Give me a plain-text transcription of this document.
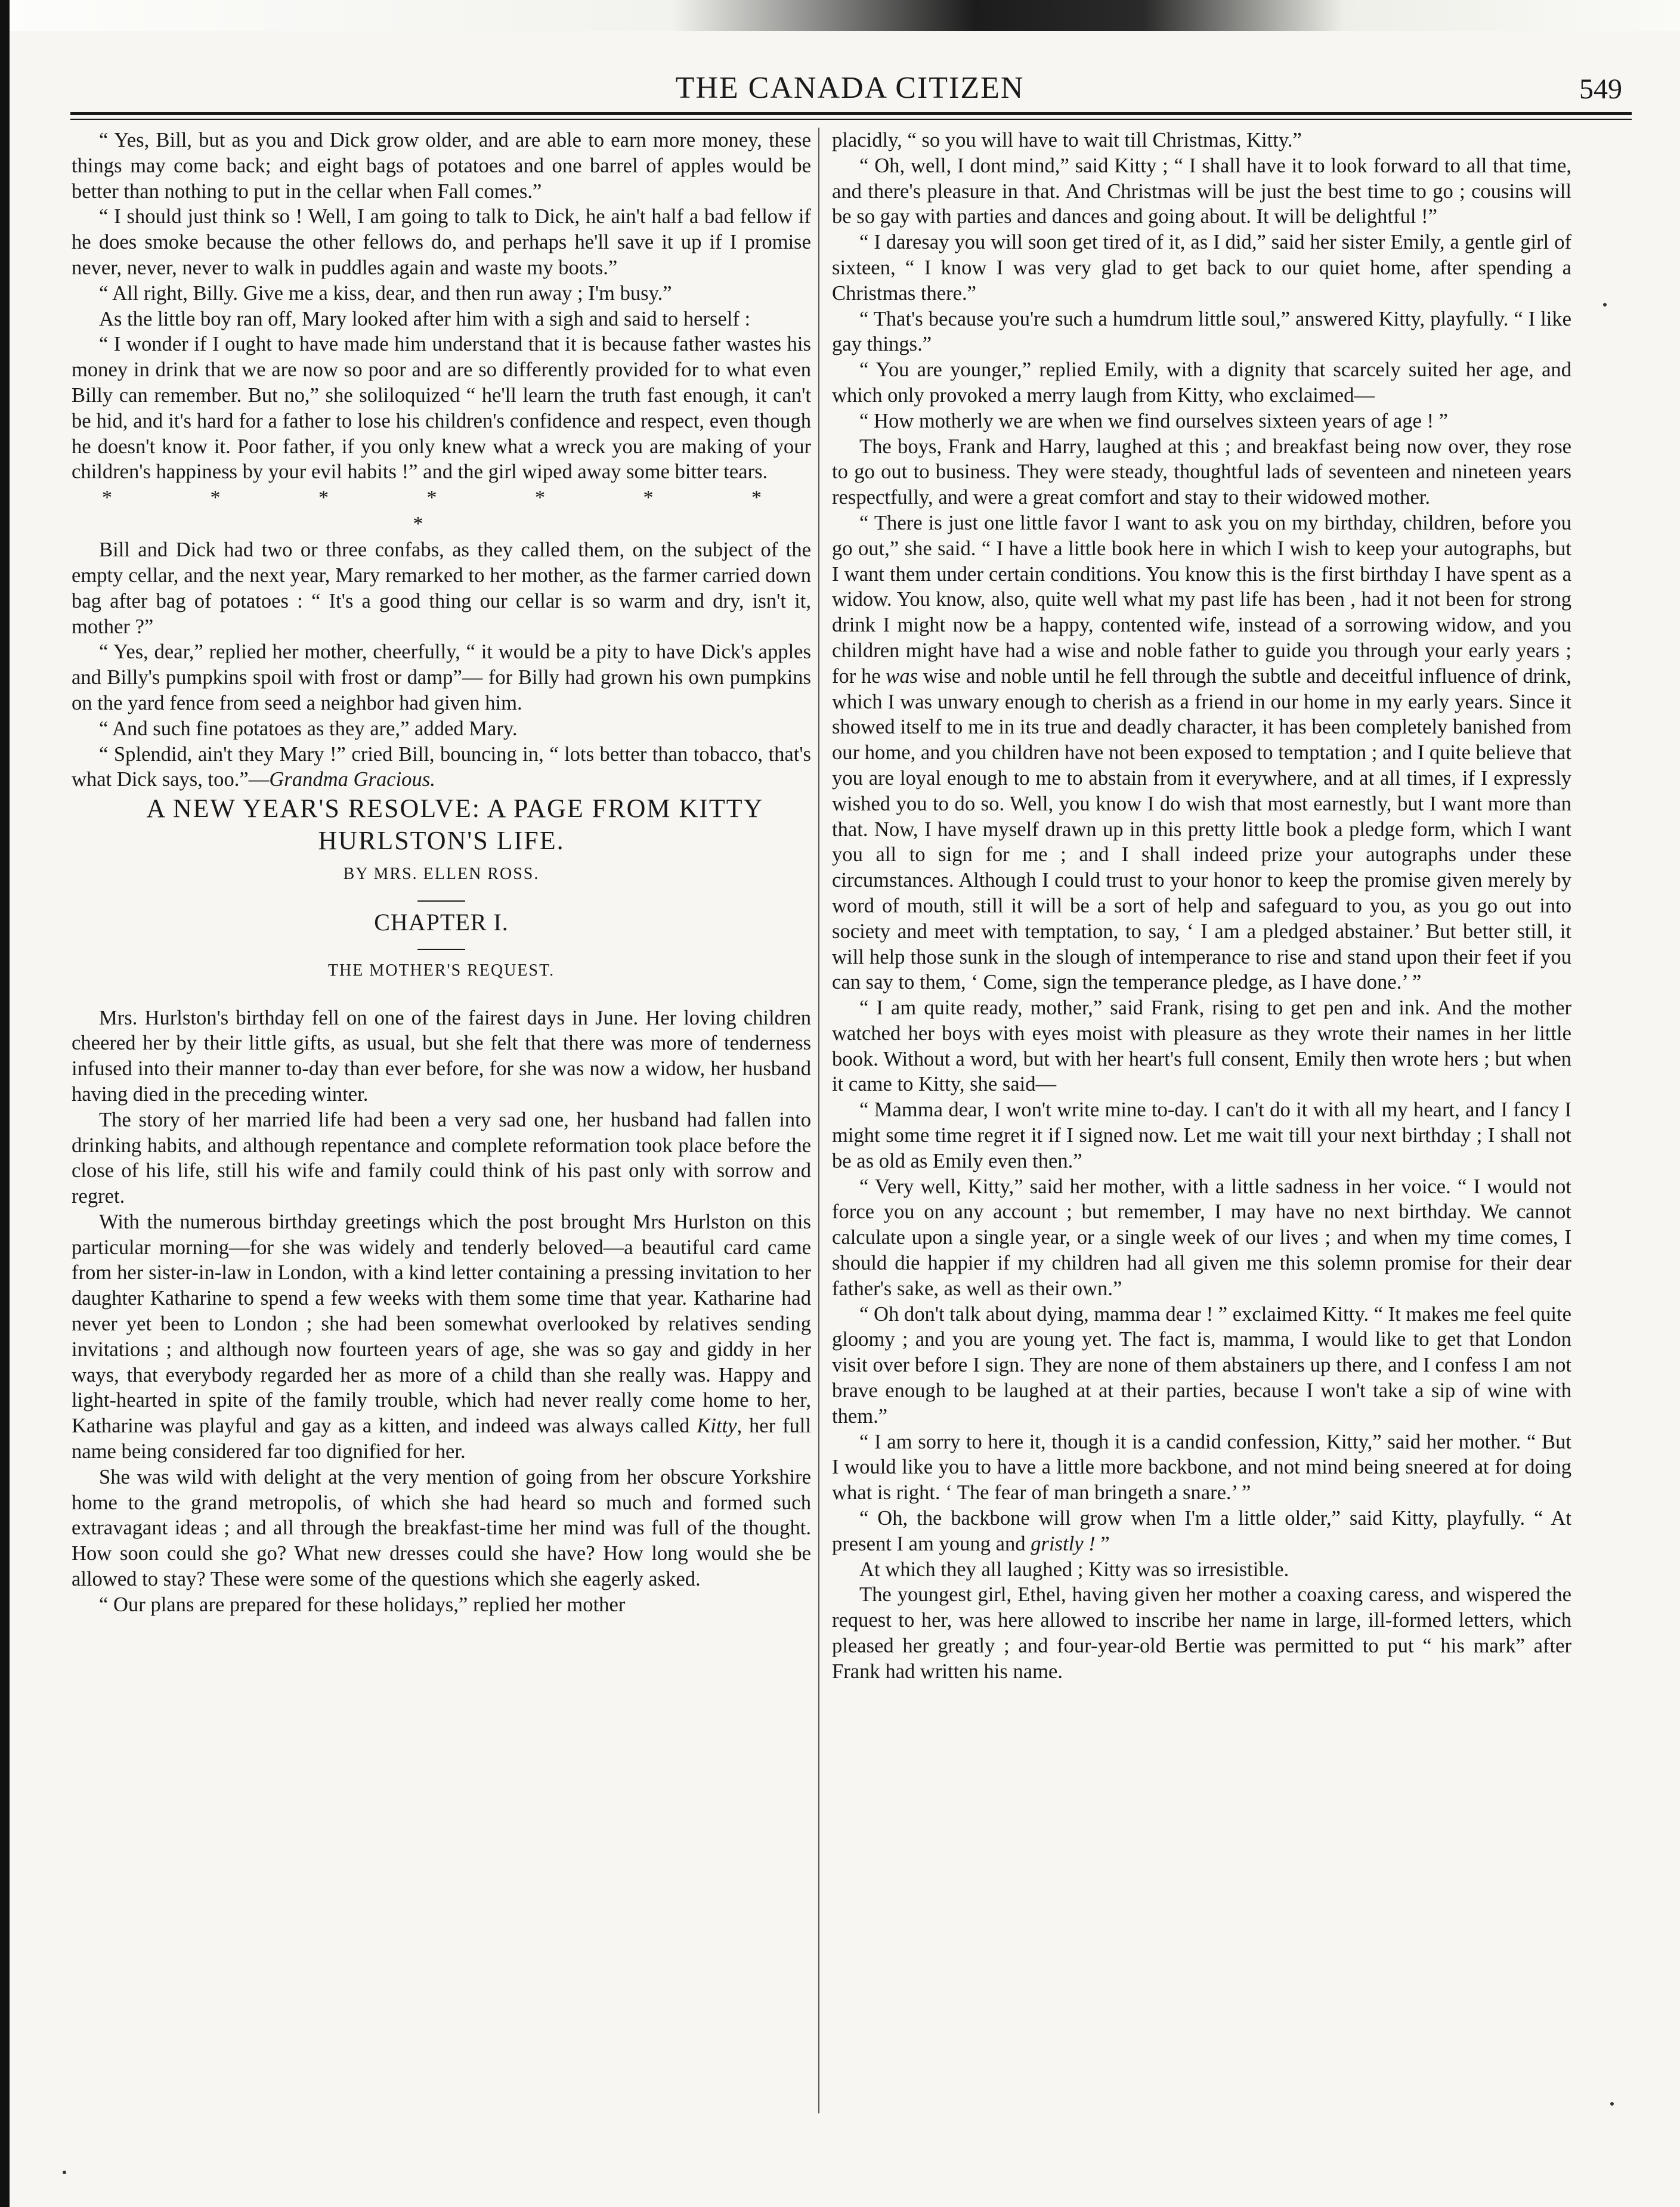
THE CANADA CITIZEN	549

“ Yes, Bill, but as you and Dick grow older, and are able to earn more money, these things may come back; and eight bags of potatoes and one barrel of apples would be better than nothing to put in the cellar when Fall comes.”

“ I should just think so ! Well, I am going to talk to Dick, he ain't half a bad fellow if he does smoke because the other fellows do, and perhaps he'll save it up if I promise never, never, never to walk in puddles again and waste my boots.”

“ All right, Billy. Give me a kiss, dear, and then run away ; I'm busy.”

As the little boy ran off, Mary looked after him with a sigh and said to herself :

“ I wonder if I ought to have made him understand that it is because father wastes his money in drink that we are now so poor and are so differently provided for to what even Billy can remember. But no,” she soliloquized “ he'll learn the truth fast enough, it can't be hid, and it's hard for a father to lose his children's confidence and respect, even though he doesn't know it. Poor father, if you only knew what a wreck you are making of your children's happiness by your evil habits !” and the girl wiped away some bitter tears.

* * * * * * * *

Bill and Dick had two or three confabs, as they called them, on the subject of the empty cellar, and the next year, Mary remarked to her mother, as the farmer carried down bag after bag of potatoes : “ It's a good thing our cellar is so warm and dry, isn't it, mother ?”

“ Yes, dear,” replied her mother, cheerfully, “ it would be a pity to have Dick's apples and Billy's pumpkins spoil with frost or damp”— for Billy had grown his own pumpkins on the yard fence from seed a neighbor had given him.

“ And such fine potatoes as they are,” added Mary.

“ Splendid, ain't they Mary !” cried Bill, bouncing in, “ lots better than tobacco, that's what Dick says, too.”—Grandma Gracious.

A NEW YEAR'S RESOLVE: A PAGE FROM KITTY HURLSTON'S LIFE.

BY MRS. ELLEN ROSS.
CHAPTER I.
THE MOTHER'S REQUEST.

Mrs. Hurlston's birthday fell on one of the fairest days in June. Her loving children cheered her by their little gifts, as usual, but she felt that there was more of tenderness infused into their manner to-day than ever before, for she was now a widow, her husband having died in the preceding winter.

The story of her married life had been a very sad one, her husband had fallen into drinking habits, and although repentance and complete reformation took place before the close of his life, still his wife and family could think of his past only with sorrow and regret.

With the numerous birthday greetings which the post brought Mrs Hurlston on this particular morning—for she was widely and tenderly beloved—a beautiful card came from her sister-in-law in London, with a kind letter containing a pressing invitation to her daughter Katharine to spend a few weeks with them some time that year. Katharine had never yet been to London ; she had been somewhat overlooked by relatives sending invitations ; and although now fourteen years of age, she was so gay and giddy in her ways, that everybody regarded her as more of a child than she really was. Happy and light-hearted in spite of the family trouble, which had never really come home to her, Katharine was playful and gay as a kitten, and indeed was always called Kitty, her full name being considered far too dignified for her.

She was wild with delight at the very mention of going from her obscure Yorkshire home to the grand metropolis, of which she had heard so much and formed such extravagant ideas ; and all through the breakfast-time her mind was full of the thought. How soon could she go? What new dresses could she have? How long would she be allowed to stay? These were some of the questions which she eagerly asked.

“ Our plans are prepared for these holidays,” replied her mother

placidly, “ so you will have to wait till Christmas, Kitty.”

“ Oh, well, I dont mind,” said Kitty ; “ I shall have it to look forward to all that time, and there's pleasure in that. And Christmas will be just the best time to go ; cousins will be so gay with parties and dances and going about. It will be delightful !”

“ I daresay you will soon get tired of it, as I did,” said her sister Emily, a gentle girl of sixteen, “ I know I was very glad to get back to our quiet home, after spending a Christmas there.”

“ That's because you're such a humdrum little soul,” answered Kitty, playfully. “ I like gay things.”

“ You are younger,” replied Emily, with a dignity that scarcely suited her age, and which only provoked a merry laugh from Kitty, who exclaimed—

“ How motherly we are when we find ourselves sixteen years of age ! ”

The boys, Frank and Harry, laughed at this ; and breakfast being now over, they rose to go out to business. They were steady, thoughtful lads of seventeen and nineteen years respectfully, and were a great comfort and stay to their widowed mother.

“ There is just one little favor I want to ask you on my birthday, children, before you go out,” she said. “ I have a little book here in which I wish to keep your autographs, but I want them under certain conditions. You know this is the first birthday I have spent as a widow. You know, also, quite well what my past life has been , had it not been for strong drink I might now be a happy, contented wife, instead of a sorrowing widow, and you children might have had a wise and noble father to guide you through your early years ; for he was wise and noble until he fell through the subtle and deceitful influence of drink, which I was unwary enough to cherish as a friend in our home in my early years. Since it showed itself to me in its true and deadly character, it has been completely banished from our home, and you children have not been exposed to temptation ; and I quite believe that you are loyal enough to me to abstain from it everywhere, and at all times, if I expressly wished you to do so. Well, you know I do wish that most earnestly, but I want more than that. Now, I have myself drawn up in this pretty little book a pledge form, which I want you all to sign for me ; and I shall indeed prize your autographs under these circumstances. Although I could trust to your honor to keep the promise given merely by word of mouth, still it will be a sort of help and safeguard to you, as you go out into society and meet with temptation, to say, ‘ I am a pledged abstainer.’ But better still, it will help those sunk in the slough of intemperance to rise and stand upon their feet if you can say to them, ‘ Come, sign the temperance pledge, as I have done.’ ”

“ I am quite ready, mother,” said Frank, rising to get pen and ink. And the mother watched her boys with eyes moist with pleasure as they wrote their names in her little book. Without a word, but with her heart's full consent, Emily then wrote hers ; but when it came to Kitty, she said—

“ Mamma dear, I won't write mine to-day. I can't do it with all my heart, and I fancy I might some time regret it if I signed now. Let me wait till your next birthday ; I shall not be as old as Emily even then.”

“ Very well, Kitty,” said her mother, with a little sadness in her voice. “ I would not force you on any account ; but remember, I may have no next birthday. We cannot calculate upon a single year, or a single week of our lives ; and when my time comes, I should die happier if my children had all given me this solemn promise for their dear father's sake, as well as their own.”

“ Oh don't talk about dying, mamma dear ! ” exclaimed Kitty. “ It makes me feel quite gloomy ; and you are young yet. The fact is, mamma, I would like to get that London visit over before I sign. They are none of them abstainers up there, and I confess I am not brave enough to be laughed at at their parties, because I won't take a sip of wine with them.”

“ I am sorry to here it, though it is a candid confession, Kitty,” said her mother. “ But I would like you to have a little more backbone, and not mind being sneered at for doing what is right. ‘ The fear of man bringeth a snare.’ ”

“ Oh, the backbone will grow when I'm a little older,” said Kitty, playfully. “ At present I am young and gristly ! ”

At which they all laughed ; Kitty was so irresistible.

The youngest girl, Ethel, having given her mother a coaxing caress, and wispered the request to her, was here allowed to inscribe her name in large, ill-formed letters, which pleased her greatly ; and four-year-old Bertie was permitted to put “ his mark” after Frank had written his name.
